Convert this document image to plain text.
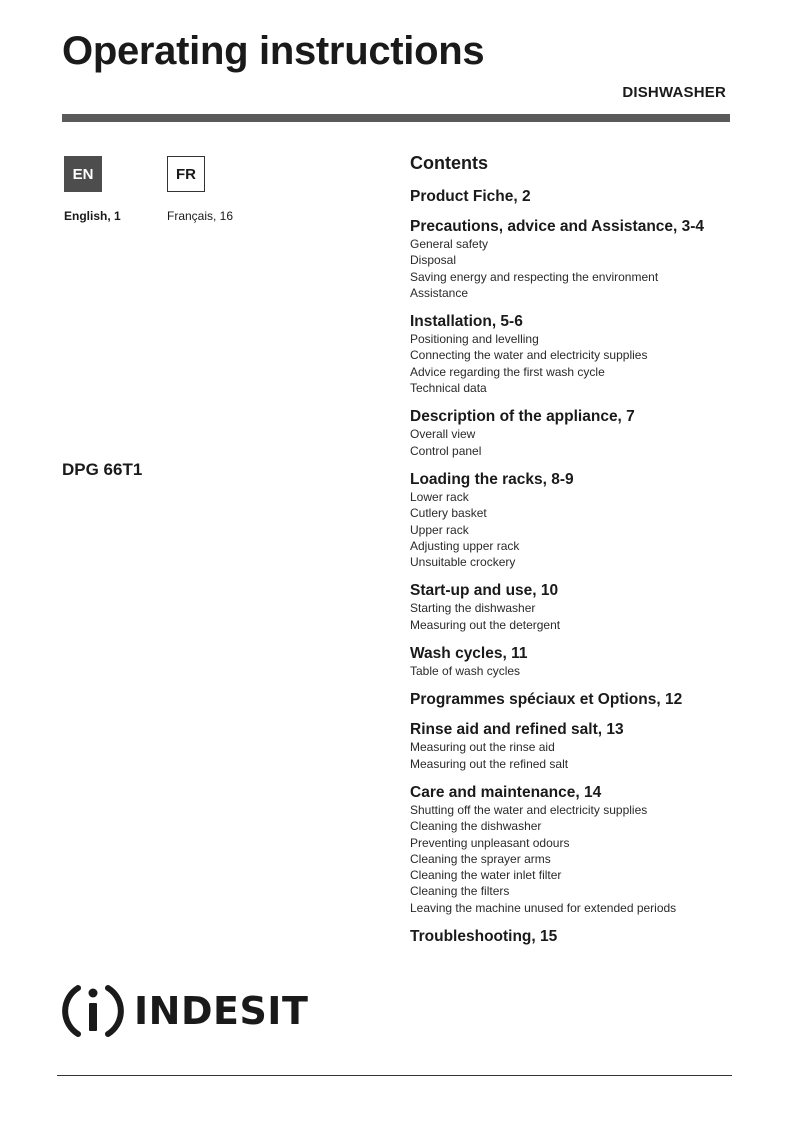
Operating instructions
DISHWASHER
EN	FR
English, 1	Français, 16
DPG 66T1
Contents
Product Fiche, 2
Precautions, advice and Assistance, 3-4
General safety
Disposal
Saving energy and respecting the environment
Assistance
Installation, 5-6
Positioning and levelling
Connecting the water and electricity supplies
Advice regarding the first wash cycle
Technical data
Description of the appliance, 7
Overall view
Control panel
Loading the racks, 8-9
Lower rack
Cutlery basket
Upper rack
Adjusting upper rack
Unsuitable crockery
Start-up and use, 10
Starting the dishwasher
Measuring out the detergent
Wash cycles, 11
Table of wash cycles
Programmes spéciaux et Options, 12
Rinse aid and refined salt, 13
Measuring out the rinse aid
Measuring out the refined salt
Care and maintenance, 14
Shutting off the water and electricity supplies
Cleaning the dishwasher
Preventing unpleasant odours
Cleaning the sprayer arms
Cleaning the water inlet filter
Cleaning the filters
Leaving the machine unused for extended periods
Troubleshooting, 15
INDESIT
